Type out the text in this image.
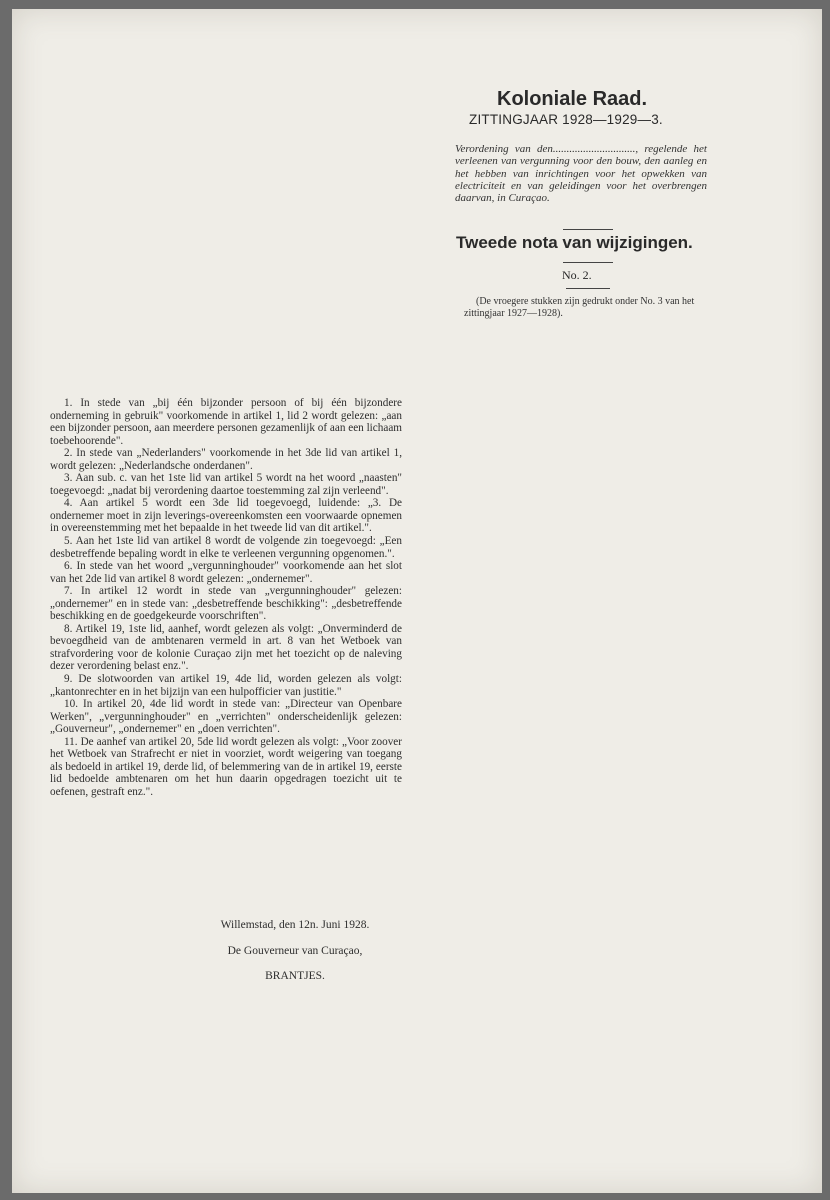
Koloniale Raad.
ZITTINGJAAR 1928—1929—3.
Verordening van den.............................., regelende het verleenen van vergunning voor den bouw, den aanleg en het hebben van inrichtingen voor het opwekken van electriciteit en van geleidingen voor het overbrengen daarvan, in Curaçao.
Tweede nota van wijzigingen.
No. 2.
(De vroegere stukken zijn gedrukt onder No. 3 van het zittingjaar 1927—1928).

1. In stede van „bij één bijzonder persoon of bij één bijzondere onderneming in gebruik" voorkomende in artikel 1, lid 2 wordt gelezen: „aan een bijzonder persoon, aan meerdere personen gezamenlijk of aan een lichaam toebehoorende".

2. In stede van „Nederlanders" voorkomende in het 3de lid van artikel 1, wordt gelezen: „Nederlandsche onderdanen".

3. Aan sub. c. van het 1ste lid van artikel 5 wordt na het woord „naasten" toegevoegd: „nadat bij verordening daartoe toestemming zal zijn verleend".

4. Aan artikel 5 wordt een 3de lid toegevoegd, luidende: „3. De ondernemer moet in zijn leverings-overeenkomsten een voorwaarde opnemen in overeenstemming met het bepaalde in het tweede lid van dit artikel.".

5. Aan het 1ste lid van artikel 8 wordt de volgende zin toegevoegd: „Een desbetreffende bepaling wordt in elke te verleenen vergunning opgenomen.".

6. In stede van het woord „vergunninghouder" voorkomende aan het slot van het 2de lid van artikel 8 wordt gelezen: „ondernemer".

7. In artikel 12 wordt in stede van „vergunninghouder" gelezen: „ondernemer" en in stede van: „desbetreffende beschikking": „desbetreffende beschikking en de goedgekeurde voorschriften".

8. Artikel 19, 1ste lid, aanhef, wordt gelezen als volgt: „Onverminderd de bevoegdheid van de ambtenaren vermeld in art. 8 van het Wetboek van strafvordering voor de kolonie Curaçao zijn met het toezicht op de naleving dezer verordening belast enz.".

9. De slotwoorden van artikel 19, 4de lid, worden gelezen als volgt: „kantonrechter en in het bijzijn van een hulpofficier van justitie."

10. In artikel 20, 4de lid wordt in stede van: „Directeur van Openbare Werken", „vergunninghouder" en „verrichten" onderscheidenlijk gelezen: „Gouverneur", „ondernemer" en „doen verrichten".

11. De aanhef van artikel 20, 5de lid wordt gelezen als volgt: „Voor zoover het Wetboek van Strafrecht er niet in voorziet, wordt weigering van toegang als bedoeld in artikel 19, derde lid, of belemmering van de in artikel 19, eerste lid bedoelde ambtenaren om het hun daarin opgedragen toezicht uit te oefenen, gestraft enz.".

Willemstad, den 12n. Juni 1928.
De Gouverneur van Curaçao,
BRANTJES.
